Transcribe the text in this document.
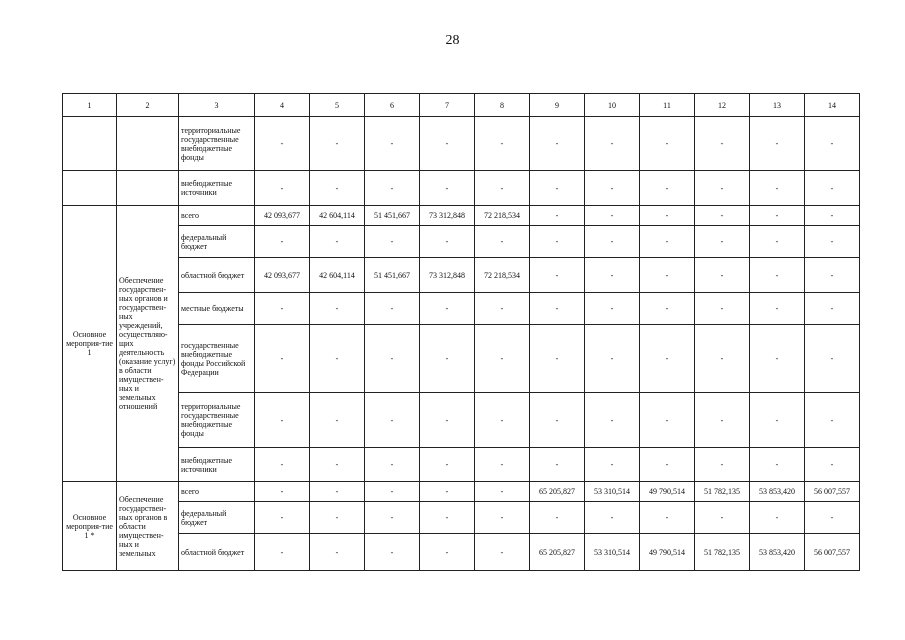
28
1	2	3	4	5	6	7	8	9	10	11	12	13	14
		территориальные государственные внебюджетные фонды	-	-	-	-	-	-	-	-	-	-	-
		внебюджетные источники	-	-	-	-	-	-	-	-	-	-	-
Основное мероприя-тие 1	Обеспечение государствен-ных органов и государствен-ных учреждений, осуществляю-щих деятельность (оказание услуг) в области имуществен-ных и земельных отношений	всего	42 093,677	42 604,114	51 451,667	73 312,848	72 218,534	-	-	-	-	-	-
		федеральный бюджет	-	-	-	-	-	-	-	-	-	-	-
		областной бюджет	42 093,677	42 604,114	51 451,667	73 312,848	72 218,534	-	-	-	-	-	-
		местные бюджеты	-	-	-	-	-	-	-	-	-	-	-
		государственные внебюджетные фонды Российской Федерации	-	-	-	-	-	-	-	-	-	-	-
		территориальные государственные внебюджетные фонды	-	-	-	-	-	-	-	-	-	-	-
		внебюджетные источники	-	-	-	-	-	-	-	-	-	-	-
Основное мероприя-тие 1 *	Обеспечение государствен-ных органов в области имуществен-ных и земельных	всего	-	-	-	-	-	65 205,827	53 310,514	49 790,514	51 782,135	53 853,420	56 007,557
		федеральный бюджет	-	-	-	-	-	-	-	-	-	-	-
		областной бюджет	-	-	-	-	-	65 205,827	53 310,514	49 790,514	51 782,135	53 853,420	56 007,557
